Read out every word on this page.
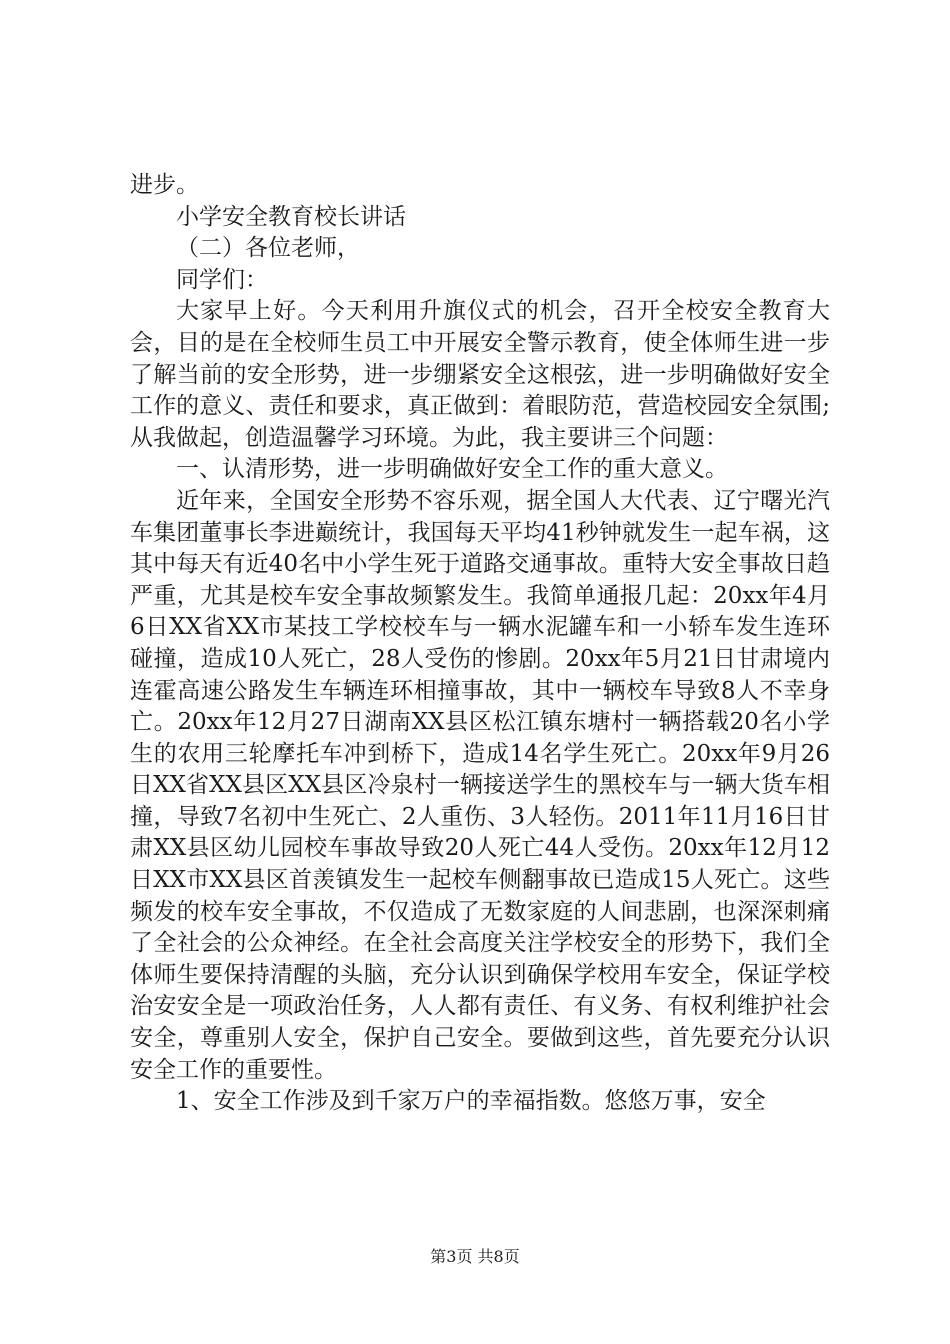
进步。

小学安全教育校长讲话

（二）各位老师，

同学们：

大家早上好。今天利用升旗仪式的机会，召开全校安全教育大会，目的是在全校师生员工中开展安全警示教育，使全体师生进一步了解当前的安全形势，进一步绷紧安全这根弦，进一步明确做好安全工作的意义、责任和要求，真正做到：着眼防范，营造校园安全氛围;从我做起，创造温馨学习环境。为此，我主要讲三个问题：

一、认清形势，进一步明确做好安全工作的重大意义。

近年来，全国安全形势不容乐观，据全国人大代表、辽宁曙光汽车集团董事长李进巅统计，我国每天平均41秒钟就发生一起车祸，这其中每天有近40名中小学生死于道路交通事故。重特大安全事故日趋严重，尤其是校车安全事故频繁发生。我简单通报几起：20xx年4月6日XX省XX市某技工学校校车与一辆水泥罐车和一小轿车发生连环碰撞，造成10人死亡，28人受伤的惨剧。20xx年5月21日甘肃境内连霍高速公路发生车辆连环相撞事故，其中一辆校车导致8人不幸身亡。20xx年12月27日湖南XX县区松江镇东塘村一辆搭载20名小学生的农用三轮摩托车冲到桥下，造成14名学生死亡。20xx年9月26日XX省XX县区XX县区冷泉村一辆接送学生的黑校车与一辆大货车相撞，导致7名初中生死亡、2人重伤、3人轻伤。2011年11月16日甘肃XX县区幼儿园校车事故导致20人死亡44人受伤。20xx年12月12日XX市XX县区首羡镇发生一起校车侧翻事故已造成15人死亡。这些频发的校车安全事故，不仅造成了无数家庭的人间悲剧，也深深刺痛了全社会的公众神经。在全社会高度关注学校安全的形势下，我们全体师生要保持清醒的头脑，充分认识到确保学校用车安全，保证学校治安安全是一项政治任务，人人都有责任、有义务、有权利维护社会安全，尊重别人安全，保护自己安全。要做到这些，首先要充分认识安全工作的重要性。

1、安全工作涉及到千家万户的幸福指数。悠悠万事，安全

第3页 共8页
